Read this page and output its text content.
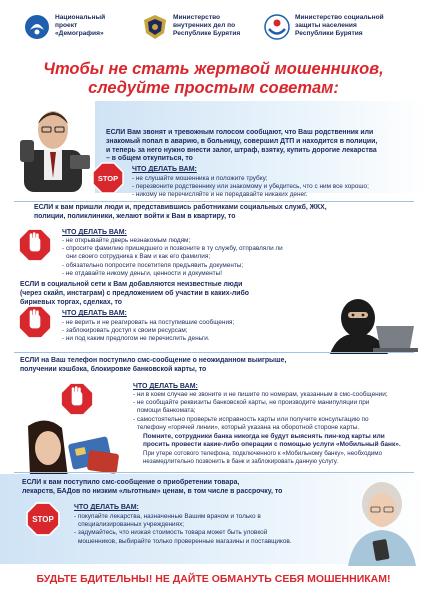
Национальный
проект
«Демография»
Министерство
внутренних дел по
Республике Бурятия
Министерство социальной
защиты населения
Республики Бурятия
Чтобы не стать жертвой мошенников,
следуйте простым советам:
ЕСЛИ Вам звонят и тревожным голосом сообщают, что Ваш родственник или
знакомый попал в аварию, в больницу, совершил ДТП и находится в полиции,
и теперь за него нужно внести залог, штраф, взятку, купить дорогие лекарства
– в общем откупиться, то
STOP
ЧТО ДЕЛАТЬ ВАМ:
- не слушайте мошенника и положите трубку;
- перезвоните родственнику или знакомому и убедитесь, что с ним все хорошо;
- никому не перечисляйте и не передавайте никаких денег.
ЕСЛИ к вам пришли люди и, представившись работниками социальных служб, ЖКХ,
полиции, поликлиники, желают войти к Вам в квартиру, то
ЧТО ДЕЛАТЬ ВАМ:
- не открывайте дверь незнакомым людям;
- спросите фамилию пришедшего и позвоните в ту службу, отправляли ли
они своего сотрудника к Вам и как его фамилия;
- обязательно попросите посетителя предъявить документы;
- не отдавайте никому деньги, ценности и документы!
ЕСЛИ в социальной сети к Вам добавляются неизвестные люди
(через скайп, инстаграм) с предложением об участии в каких-либо
биржевых торгах, сделках, то
ЧТО ДЕЛАТЬ ВАМ:
- не верить и не реагировать на поступившие сообщения;
- заблокировать доступ к своим ресурсам;
- ни под каким предлогом не перечислить деньги.
ЕСЛИ на Ваш телефон поступило смс-сообщение о неожиданном выигрыше,
получении кэшбэка, блокировке банковской карты, то
ЧТО ДЕЛАТЬ ВАМ:
- ни в коем случае не звоните и не пишите по номерам, указанным в смс-сообщении;
- не сообщайте реквизиты банковской карты, не производите манипуляции при
помощи банкомата;
- самостоятельно проверьте исправность карты или получите консультацию по
телефону «горячей линии», который указана на оборотной стороне карты.
Помните, сотрудники банка никогда не будут выяснять пин-код карты или
просить провести какие-либо операции с помощью услуги «Мобильный банк».
При утере сотового телефона, подключенного к «Мобильному банку», необходимо
незамедлительно позвонить в банк и заблокировать данную услугу.
ЕСЛИ к вам поступило смс-сообщение о приобретении товара,
лекарств, БАДов по низким «льготным» ценам, в том числе в рассрочку, то
STOP
ЧТО ДЕЛАТЬ ВАМ:
- покупайте лекарства, назначенные Вашим врачом и только в
специализированных учреждениях;
- задумайтесь, что низкая стоимость товара может быть уловкой
мошенников, выбирайте только проверенные магазины и поставщиков.
БУДЬТЕ БДИТЕЛЬНЫ! НЕ ДАЙТЕ ОБМАНУТЬ СЕБЯ МОШЕННИКАМ!
